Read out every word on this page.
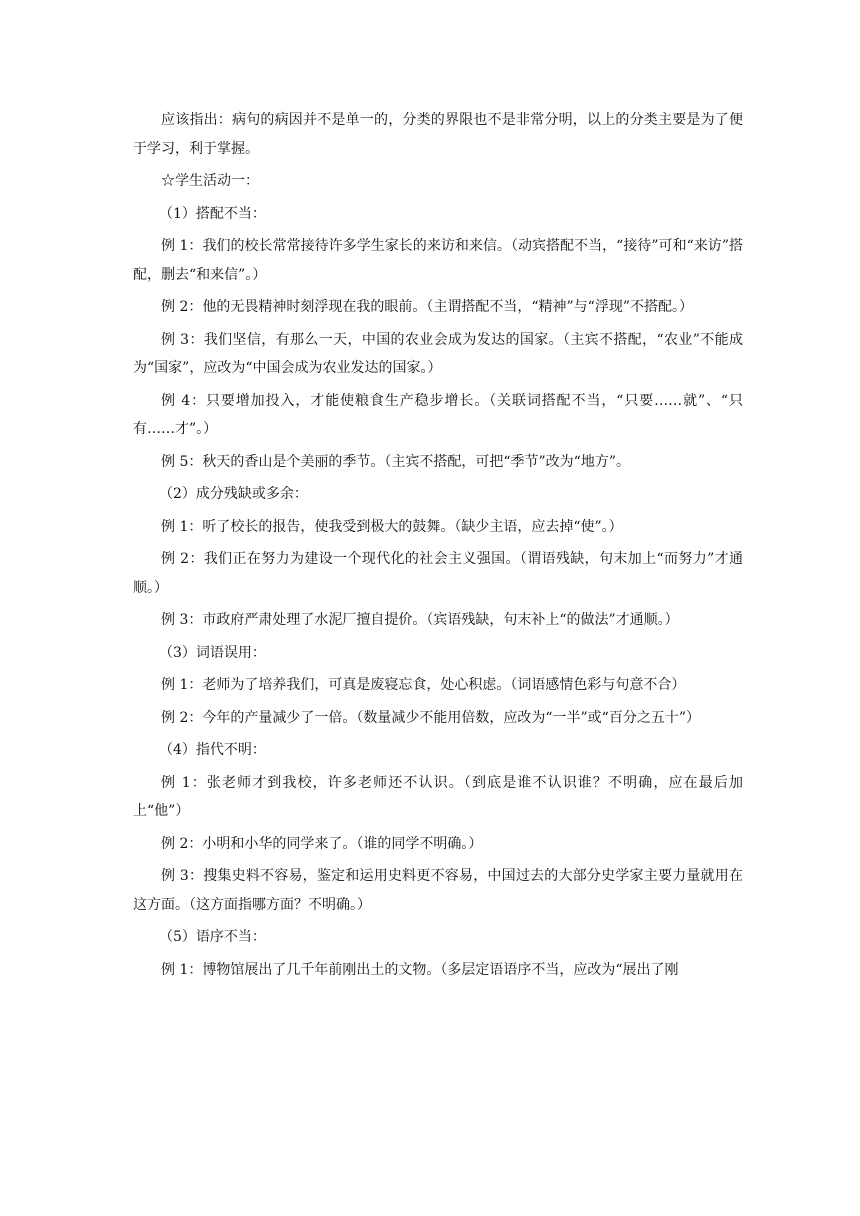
应该指出：病句的病因并不是单一的，分类的界限也不是非常分明，以上的分类主要是为了便于学习，利于掌握。

☆学生活动一：

（1）搭配不当：

例 1：我们的校长常常接待许多学生家长的来访和来信。（动宾搭配不当，“接待”可和“来访”搭配，删去“和来信”。）

例 2：他的无畏精神时刻浮现在我的眼前。（主谓搭配不当，“精神”与“浮现”不搭配。）

例 3：我们坚信，有那么一天，中国的农业会成为发达的国家。（主宾不搭配，“农业”不能成为“国家”，应改为“中国会成为农业发达的国家。）

例 4：只要增加投入，才能使粮食生产稳步增长。（关联词搭配不当，“只要……就”、“只有……才”。）

例 5：秋天的香山是个美丽的季节。（主宾不搭配，可把“季节”改为“地方”。

（2）成分残缺或多余：

例 1：听了校长的报告，使我受到极大的鼓舞。（缺少主语，应去掉“使”。）

例 2：我们正在努力为建设一个现代化的社会主义强国。（谓语残缺，句末加上“而努力”才通顺。）

例 3：市政府严肃处理了水泥厂擅自提价。（宾语残缺，句末补上“的做法”才通顺。）

（3）词语误用：

例 1：老师为了培养我们，可真是废寝忘食，处心积虑。（词语感情色彩与句意不合）

例 2：今年的产量减少了一倍。（数量减少不能用倍数，应改为“一半”或“百分之五十”）

（4）指代不明：

例 1：张老师才到我校，许多老师还不认识。（到底是谁不认识谁？不明确，应在最后加上“他”）

例 2：小明和小华的同学来了。（谁的同学不明确。）

例 3：搜集史料不容易，鉴定和运用史料更不容易，中国过去的大部分史学家主要力量就用在这方面。（这方面指哪方面？不明确。）

（5）语序不当：

例 1：博物馆展出了几千年前刚出土的文物。（多层定语语序不当，应改为“展出了刚
